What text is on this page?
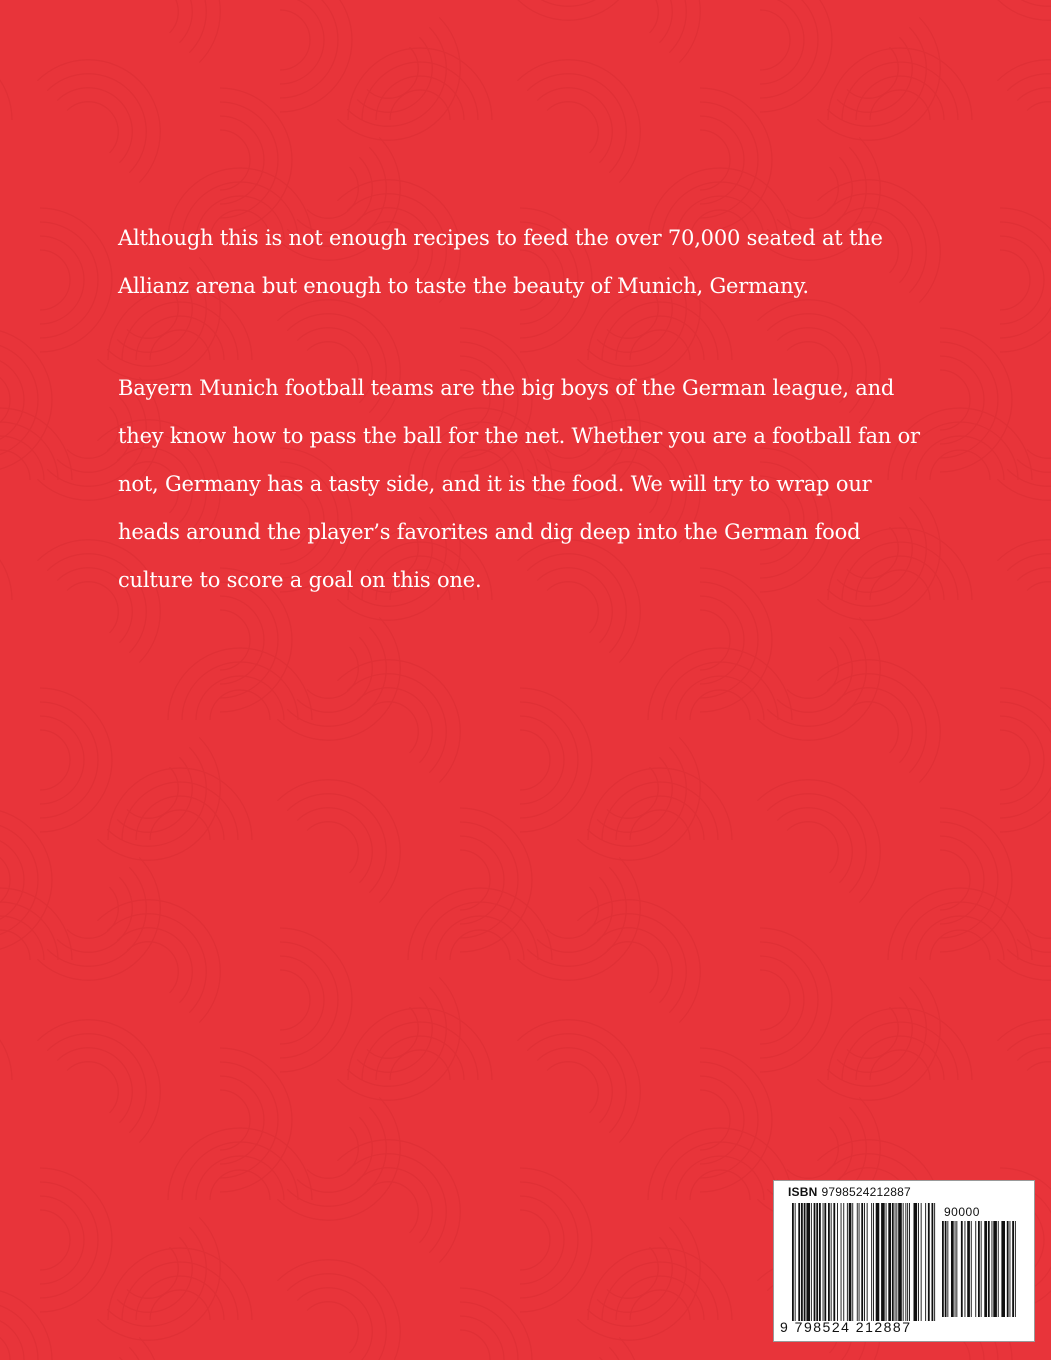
Although this is not enough recipes to feed the over 70,000 seated at the Allianz arena but enough to taste the beauty of Munich, Germany.

Bayern Munich football teams are the big boys of the German league, and they know how to pass the ball for the net. Whether you are a football fan or not, Germany has a tasty side, and it is the food. We will try to wrap our heads around the player’s favorites and dig deep into the German food culture to score a goal on this one.

ISBN 9798524212887
90000
9 798524 212887
